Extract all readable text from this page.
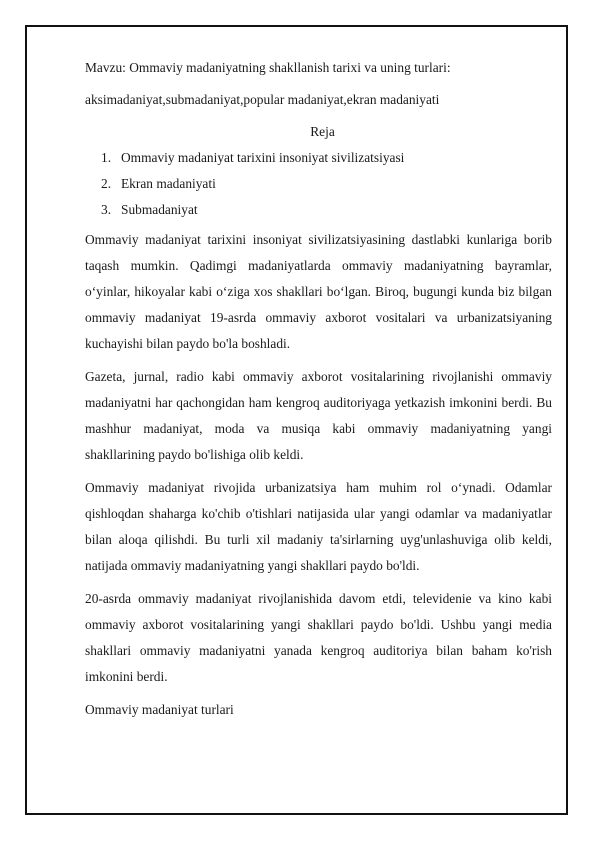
Mavzu: Ommaviy madaniyatning shakllanish tarixi va uning turlari:

aksimadaniyat,submadaniyat,popular madaniyat,ekran madaniyati

Reja

1. Ommaviy madaniyat tarixini insoniyat sivilizatsiyasi
2. Ekran madaniyati
3. Submadaniyat

Ommaviy madaniyat tarixini insoniyat sivilizatsiyasining dastlabki kunlariga borib taqash mumkin. Qadimgi madaniyatlarda ommaviy madaniyatning bayramlar, o‘yinlar, hikoyalar kabi o‘ziga xos shakllari bo‘lgan. Biroq, bugungi kunda biz bilgan ommaviy madaniyat 19-asrda ommaviy axborot vositalari va urbanizatsiyaning kuchayishi bilan paydo bo'la boshladi.

Gazeta, jurnal, radio kabi ommaviy axborot vositalarining rivojlanishi ommaviy madaniyatni har qachongidan ham kengroq auditoriyaga yetkazish imkonini berdi. Bu mashhur madaniyat, moda va musiqa kabi ommaviy madaniyatning yangi shakllarining paydo bo'lishiga olib keldi.

Ommaviy madaniyat rivojida urbanizatsiya ham muhim rol o‘ynadi. Odamlar qishloqdan shaharga ko'chib o'tishlari natijasida ular yangi odamlar va madaniyatlar bilan aloqa qilishdi. Bu turli xil madaniy ta'sirlarning uyg'unlashuviga olib keldi, natijada ommaviy madaniyatning yangi shakllari paydo bo'ldi.

20-asrda ommaviy madaniyat rivojlanishida davom etdi, televidenie va kino kabi ommaviy axborot vositalarining yangi shakllari paydo bo'ldi. Ushbu yangi media shakllari ommaviy madaniyatni yanada kengroq auditoriya bilan baham ko'rish imkonini berdi.

Ommaviy madaniyat turlari
